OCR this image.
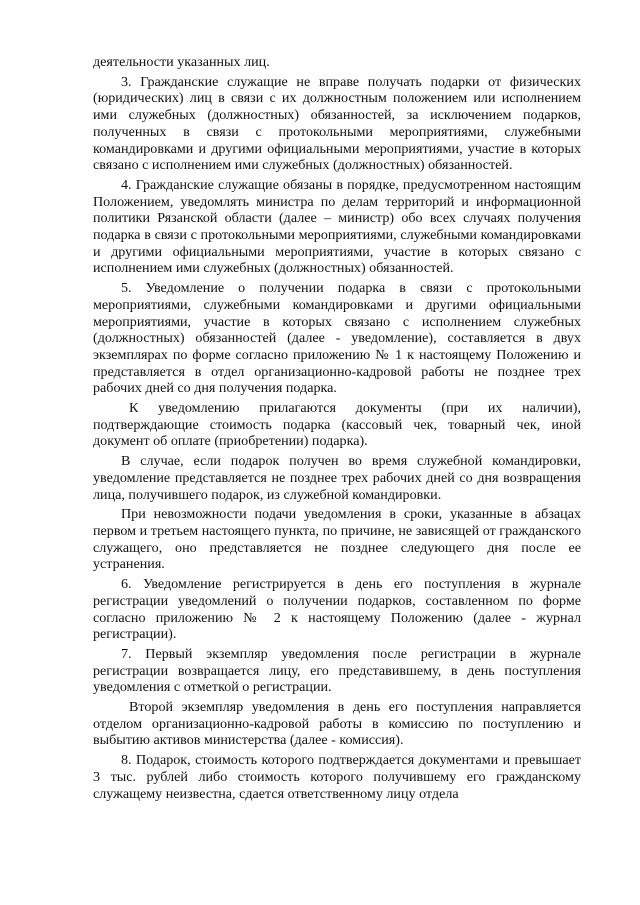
деятельности указанных лиц.

3. Гражданские служащие не вправе получать подарки от физических (юридических) лиц в связи с их должностным положением или исполнением ими служебных (должностных) обязанностей, за исключением подарков, полученных в связи с протокольными мероприятиями, служебными командировками и другими официальными мероприятиями, участие в которых связано с исполнением ими служебных (должностных) обязанностей.

4. Гражданские служащие обязаны в порядке, предусмотренном настоящим Положением, уведомлять министра по делам территорий и информационной политики Рязанской области (далее – министр) обо всех случаях получения подарка в связи с протокольными мероприятиями, служебными командировками и другими официальными мероприятиями, участие в которых связано с исполнением ими служебных (должностных) обязанностей.

5. Уведомление о получении подарка в связи с протокольными мероприятиями, служебными командировками и другими официальными мероприятиями, участие в которых связано с исполнением служебных (должностных) обязанностей (далее - уведомление), составляется в двух экземплярах по форме согласно приложению № 1 к настоящему Положению и представляется в отдел организационно-кадровой работы не позднее трех рабочих дней со дня получения подарка.

К уведомлению прилагаются документы (при их наличии), подтверждающие стоимость подарка (кассовый чек, товарный чек, иной документ об оплате (приобретении) подарка).

В случае, если подарок получен во время служебной командировки, уведомление представляется не позднее трех рабочих дней со дня возвращения лица, получившего подарок, из служебной командировки.

При невозможности подачи уведомления в сроки, указанные в абзацах первом и третьем настоящего пункта, по причине, не зависящей от гражданского служащего, оно представляется не позднее следующего дня после ее устранения.

6. Уведомление регистрируется в день его поступления в журнале регистрации уведомлений о получении подарков, составленном по форме согласно приложению № 2 к настоящему Положению (далее - журнал регистрации).

7. Первый экземпляр уведомления после регистрации в журнале регистрации возвращается лицу, его представившему, в день поступления уведомления с отметкой о регистрации.

Второй экземпляр уведомления в день его поступления направляется отделом организационно-кадровой работы в комиссию по поступлению и выбытию активов министерства (далее - комиссия).

8. Подарок, стоимость которого подтверждается документами и превышает 3 тыс. рублей либо стоимость которого получившему его гражданскому служащему неизвестна, сдается ответственному лицу отдела
